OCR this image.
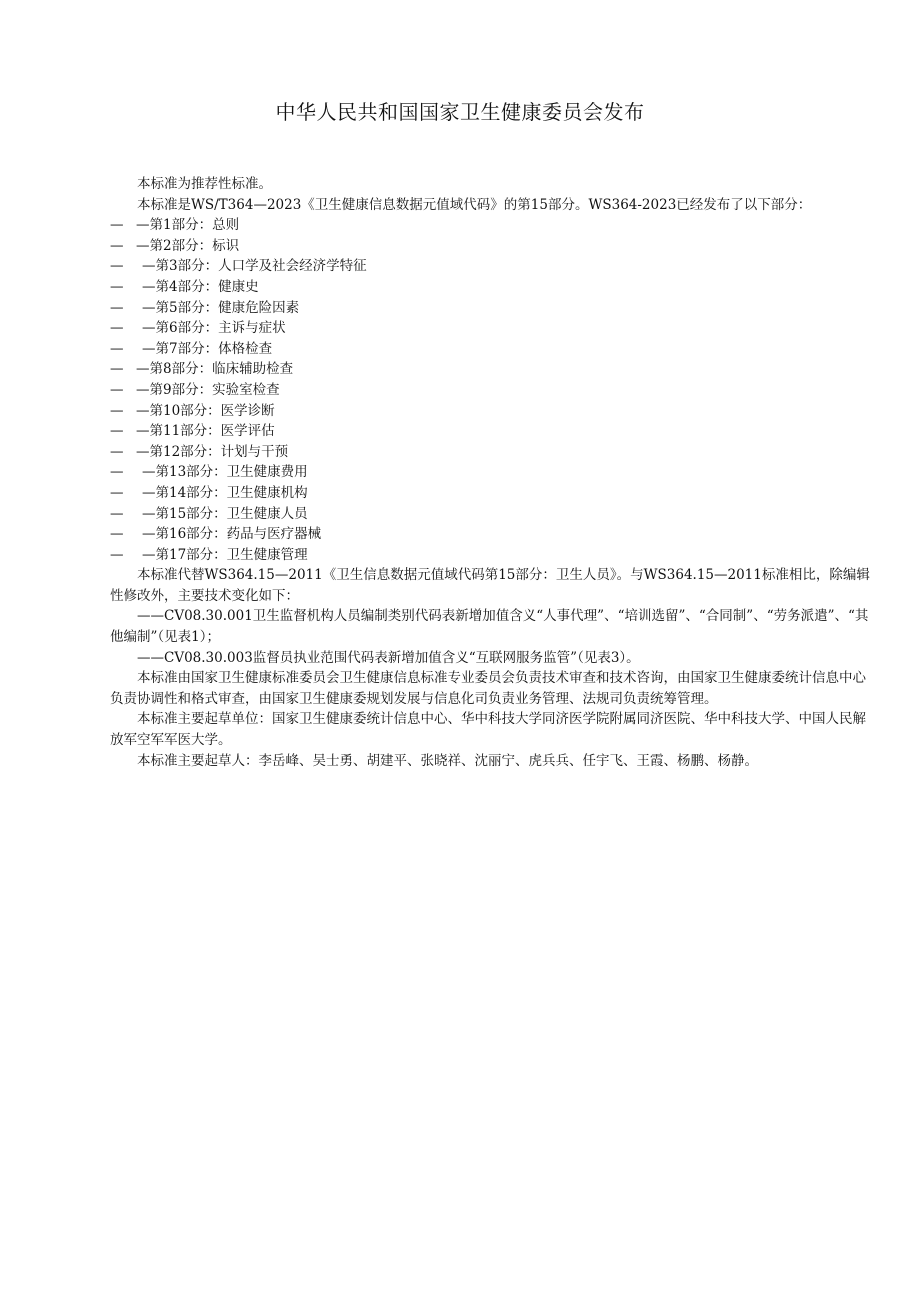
中华人民共和国国家卫生健康委员会发布

本标准为推荐性标准。

本标准是WS/T364—2023《卫生健康信息数据元值域代码》的第15部分。WS364-2023已经发布了以下部分：

— —第1部分：总则
— —第2部分：标识
— —第3部分：人口学及社会经济学特征
— —第4部分：健康史
— —第5部分：健康危险因素
— —第6部分：主诉与症状
— —第7部分：体格检查
— —第8部分：临床辅助检查
— —第9部分：实验室检查
— —第10部分：医学诊断
— —第11部分：医学评估
— —第12部分：计划与干预
— —第13部分：卫生健康费用
— —第14部分：卫生健康机构
— —第15部分：卫生健康人员
— —第16部分：药品与医疗器械
— —第17部分：卫生健康管理

本标准代替WS364.15—2011《卫生信息数据元值域代码第15部分：卫生人员》。与WS364.15—2011标准相比，除编辑性修改外，主要技术变化如下：

——CV08.30.001卫生监督机构人员编制类别代码表新增加值含义“人事代理”、“培训选留”、“合同制”、“劳务派遣”、“其他编制”（见表1）；

——CV08.30.003监督员执业范围代码表新增加值含义“互联网服务监管”（见表3）。

本标准由国家卫生健康标准委员会卫生健康信息标准专业委员会负责技术审查和技术咨询，由国家卫生健康委统计信息中心负责协调性和格式审查，由国家卫生健康委规划发展与信息化司负责业务管理、法规司负责统筹管理。

本标准主要起草单位：国家卫生健康委统计信息中心、华中科技大学同济医学院附属同济医院、华中科技大学、中国人民解放军空军军医大学。

本标准主要起草人：李岳峰、吴士勇、胡建平、张晓祥、沈丽宁、虎兵兵、任宇飞、王霞、杨鹏、杨静。
